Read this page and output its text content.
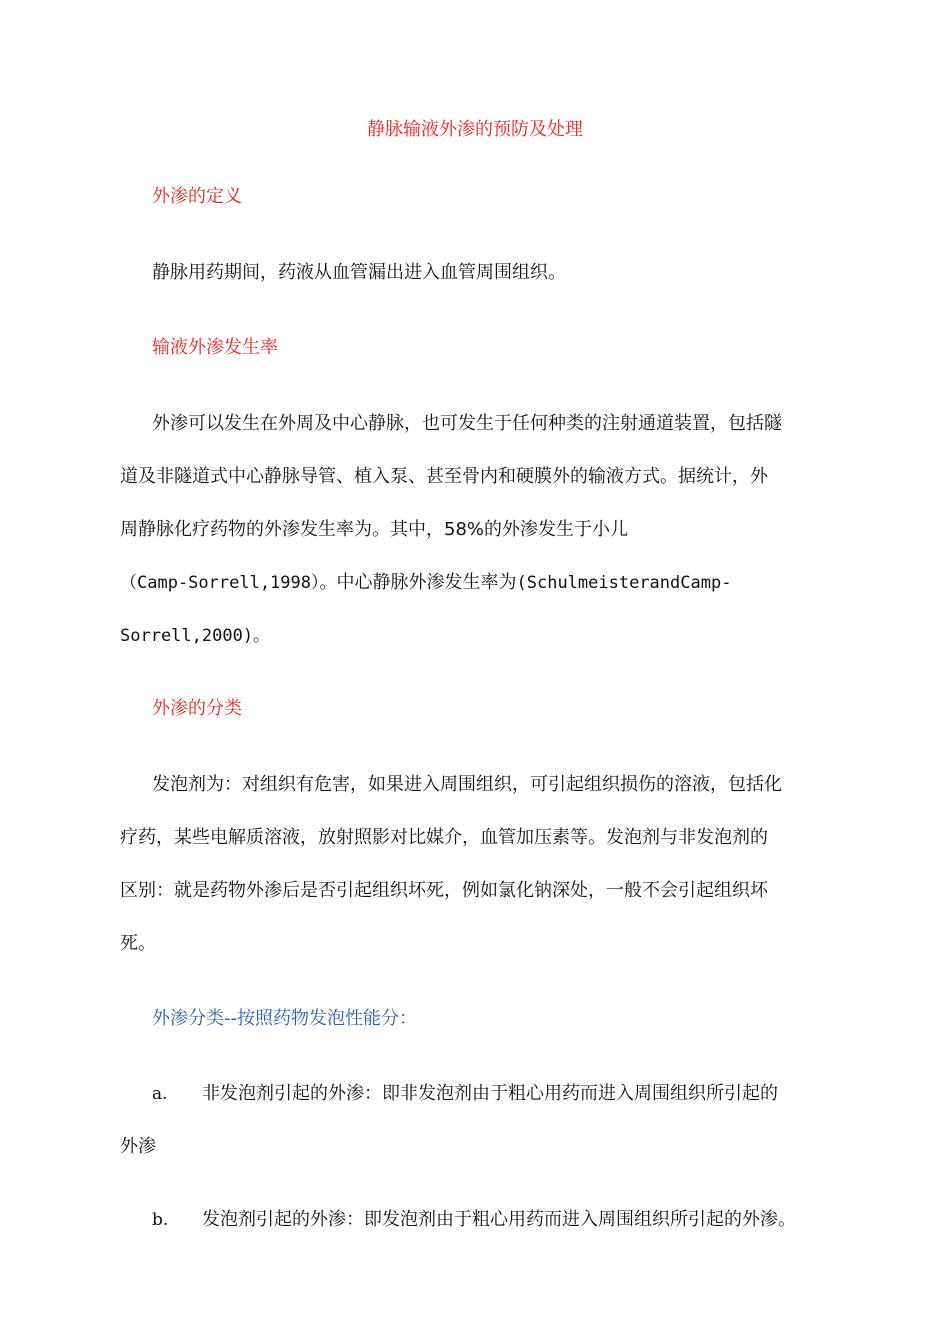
静脉输液外渗的预防及处理
外渗的定义
静脉用药期间，药液从血管漏出进入血管周围组织。
输液外渗发生率
外渗可以发生在外周及中心静脉，也可发生于任何种类的注射通道装置，包括隧
道及非隧道式中心静脉导管、植入泵、甚至骨内和硬膜外的输液方式。据统计，外
周静脉化疗药物的外渗发生率为。其中，58%的外渗发生于小儿
（Camp-Sorrell,1998）。中心静脉外渗发生率为(SchulmeisterandCamp-
Sorrell,2000)。
外渗的分类
发泡剂为：对组织有危害，如果进入周围组织，可引起组织损伤的溶液，包括化
疗药，某些电解质溶液，放射照影对比媒介，血管加压素等。发泡剂与非发泡剂的
区别：就是药物外渗后是否引起组织坏死，例如氯化钠深处，一般不会引起组织坏
死。
外渗分类--按照药物发泡性能分：
a. 非发泡剂引起的外渗：即非发泡剂由于粗心用药而进入周围组织所引起的
外渗
b. 发泡剂引起的外渗：即发泡剂由于粗心用药而进入周围组织所引起的外渗。
